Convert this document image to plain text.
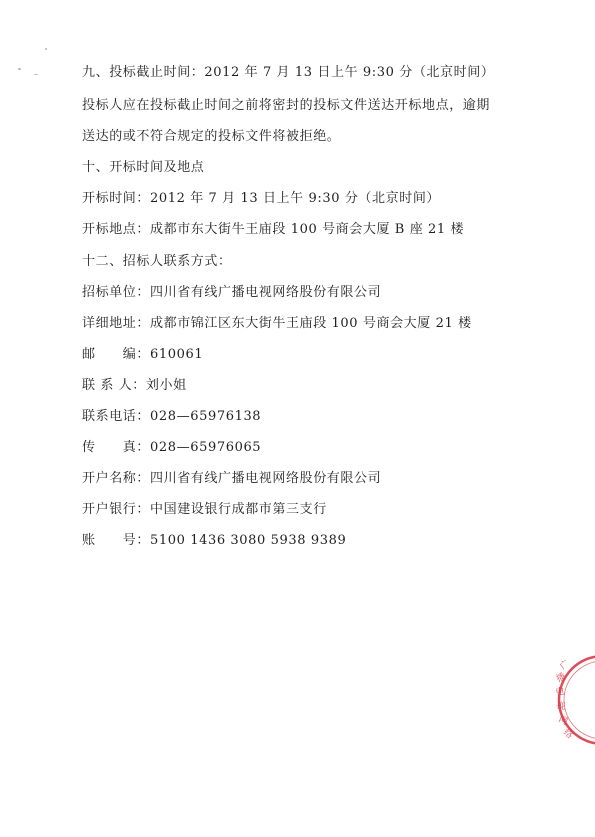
九、投标截止时间：2012 年 7 月 13 日上午 9:30 分（北京时间）
投标人应在投标截止时间之前将密封的投标文件送达开标地点，逾期
送达的或不符合规定的投标文件将被拒绝。
十、开标时间及地点
开标时间：2012 年 7 月 13 日上午 9:30 分（北京时间）
开标地点：成都市东大街牛王庙段 100 号商会大厦 B 座 21 楼
十二、招标人联系方式：
招标单位：四川省有线广播电视网络股份有限公司
详细地址：成都市锦江区东大街牛王庙段 100 号商会大厦 21 楼
邮　　编：610061
联 系 人：刘小姐
联系电话：028—65976138
传　　真：028—65976065
开户名称：四川省有线广播电视网络股份有限公司
开户银行：中国建设银行成都市第三支行
账　　号：5100 1436 3080 5938 9389
广
播
电
视
网
络
